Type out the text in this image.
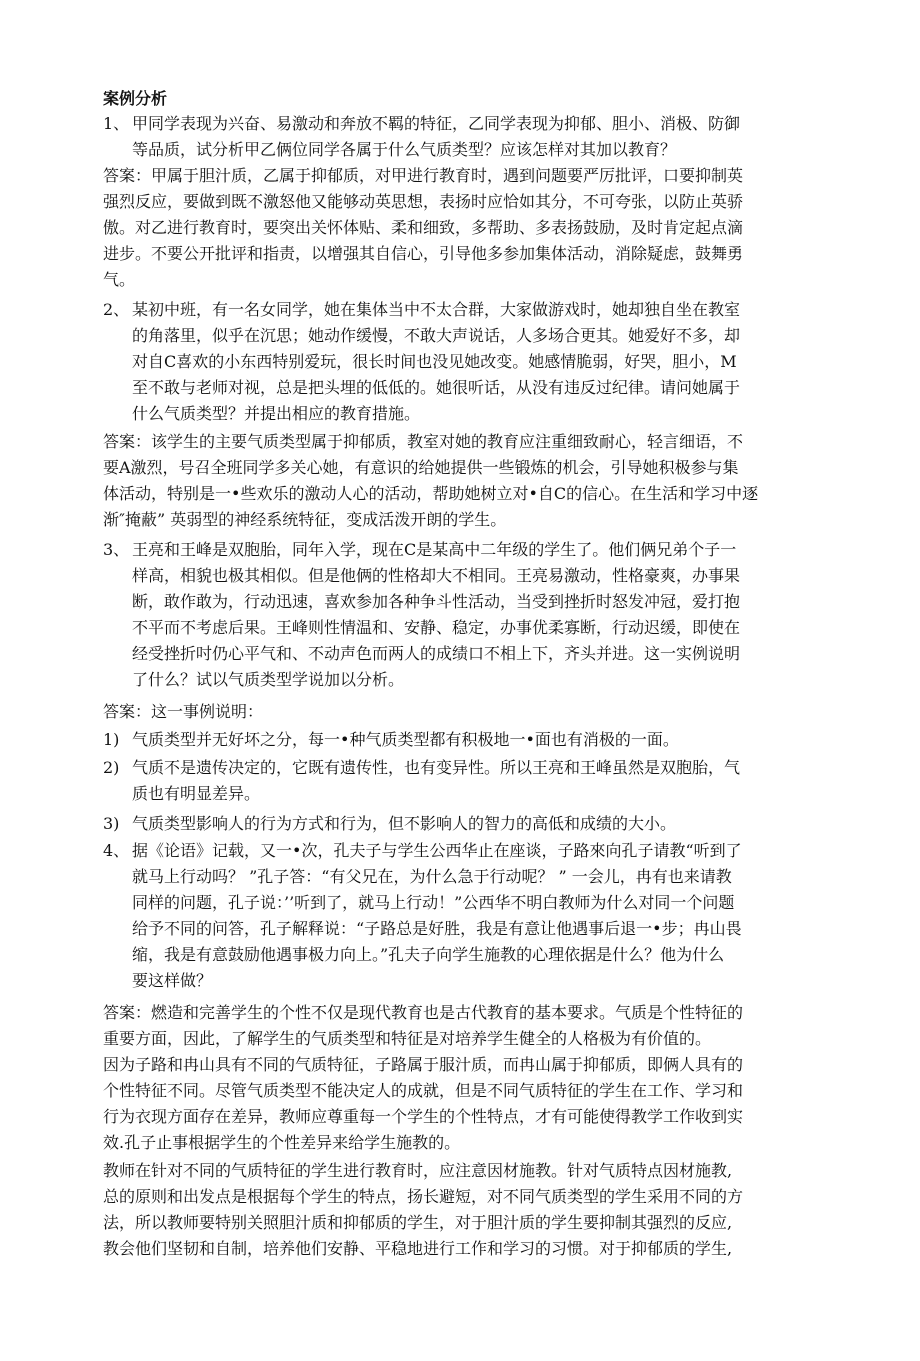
案例分析
1、 甲同学表现为兴奋、易激动和奔放不羁的特征，乙同学表现为抑郁、胆小、消极、防御
等品质，试分析甲乙俩位同学各属于什么气质类型？应该怎样对其加以教育？
答案：甲属于胆汁质，乙属于抑郁质，对甲进行教育时，遇到问题要严厉批评，口要抑制英
强烈反应，要做到既不激怒他又能够动英思想，表扬时应恰如其分，不可夸张，以防止英骄
傲。对乙进行教育时，要突出关怀体贴、柔和细致，多帮助、多表扬鼓励，及时肯定起点滴
进步。不要公开批评和指责，以增强其自信心，引导他多参加集体活动，消除疑虑，鼓舞勇
气。
2、 某初中班，有一名女同学，她在集体当中不太合群，大家做游戏时，她却独自坐在教室
的角落里，似乎在沉思；她动作缓慢，不敢大声说话，人多场合更其。她爱好不多，却
对自C喜欢的小东西特别爱玩，很长时间也没见她改变。她感情脆弱，好哭，胆小，M
至不敢与老师对视，总是把头埋的低低的。她很听话，从没有违反过纪律。请问她属于
什么气质类型？并提出相应的教育措施。
答案：该学生的主要气质类型属于抑郁质，教室对她的教育应注重细致耐心，轻言细语，不
要A激烈，号召全班同学多关心她，有意识的给她提供一些锻炼的机会，引导她积极参与集
体活动，特别是一•些欢乐的激动人心的活动，帮助她树立对•自C的信心。在生活和学习中逐
渐″掩蔽” 英弱型的神经系统特征，变成活泼开朗的学生。
3、 王亮和王峰是双胞胎，同年入学，现在C是某高中二年级的学生了。他们俩兄弟个子一
样高，相貌也极其相似。但是他俩的性格却大不相同。王亮易激动，性格豪爽，办事果
断，敢作敢为，行动迅速，喜欢参加各种争斗性活动，当受到挫折时怒发冲冠，爱打抱
不平而不考虑后果。王峰则性情温和、安静、稳定，办事优柔寡断，行动迟缓，即使在
经受挫折吋仍心平气和、不动声色而两人的成绩口不相上下，齐头并进。这一实例说明
了什么？试以气质类型学说加以分析。
答案：这一事例说明：
1) 气质类型并无好坏之分，每一•种气质类型都有积极地一•面也有消极的一面。
2) 气质不是遗传决定的，它既有遗传性，也有变异性。所以王亮和王峰虽然是双胞胎，气
质也有明显差异。
3) 气质类型影响人的行为方式和行为，但不影响人的智力的高低和成绩的大小。
4、 据《论语》记载，又一•次，孔夫子与学生公西华止在座谈，子路來向孔子请教“听到了
就马上行动吗？ ”孔子答：“有父兄在，为什么急于行动呢？ ” 一会儿，冉有也来请教
同样的问题，孔子说：’’听到了，就马上行动！”公西华不明白教师为什么对同一个问题
给予不同的问答，孔子解释说：“子路总是好胜，我是有意让他遇事后退一•步；冉山畏
缩，我是有意鼓励他遇事极力向上。”孔夫子向学生施教的心理依据是什么？他为什么
要这样做？
答案：燃造和完善学生的个性不仅是现代教育也是古代教育的基本要求。气质是个性特征的
重要方面，因此，了解学生的气质类型和特征是对培养学生健全的人格极为有价值的。
因为子路和冉山具有不同的气质特征，子路属于服汁质，而冉山属于抑郁质，即俩人具有的
个性特征不同。尽管气质类型不能决定人的成就，但是不同气质特征的学生在工作、学习和
行为衣现方面存在差异，教师应尊重每一个学生的个性特点，才有可能使得教学工作收到实
效.孔子止事根据学生的个性差异来给学生施教的。
教师在针对不同的气质特征的学生进行教育时，应注意因材施教。针对气质特点因材施教,
总的原则和出发点是根据每个学生的特点，扬长避短，对不同气质类型的学生采用不同的方
法，所以教师要特别关照胆汁质和抑郁质的学生，对于胆汁质的学生要抑制其强烈的反应,
教会他们坚韧和自制，培养他们安静、平稳地进行工作和学习的习惯。对于抑郁质的学生,
